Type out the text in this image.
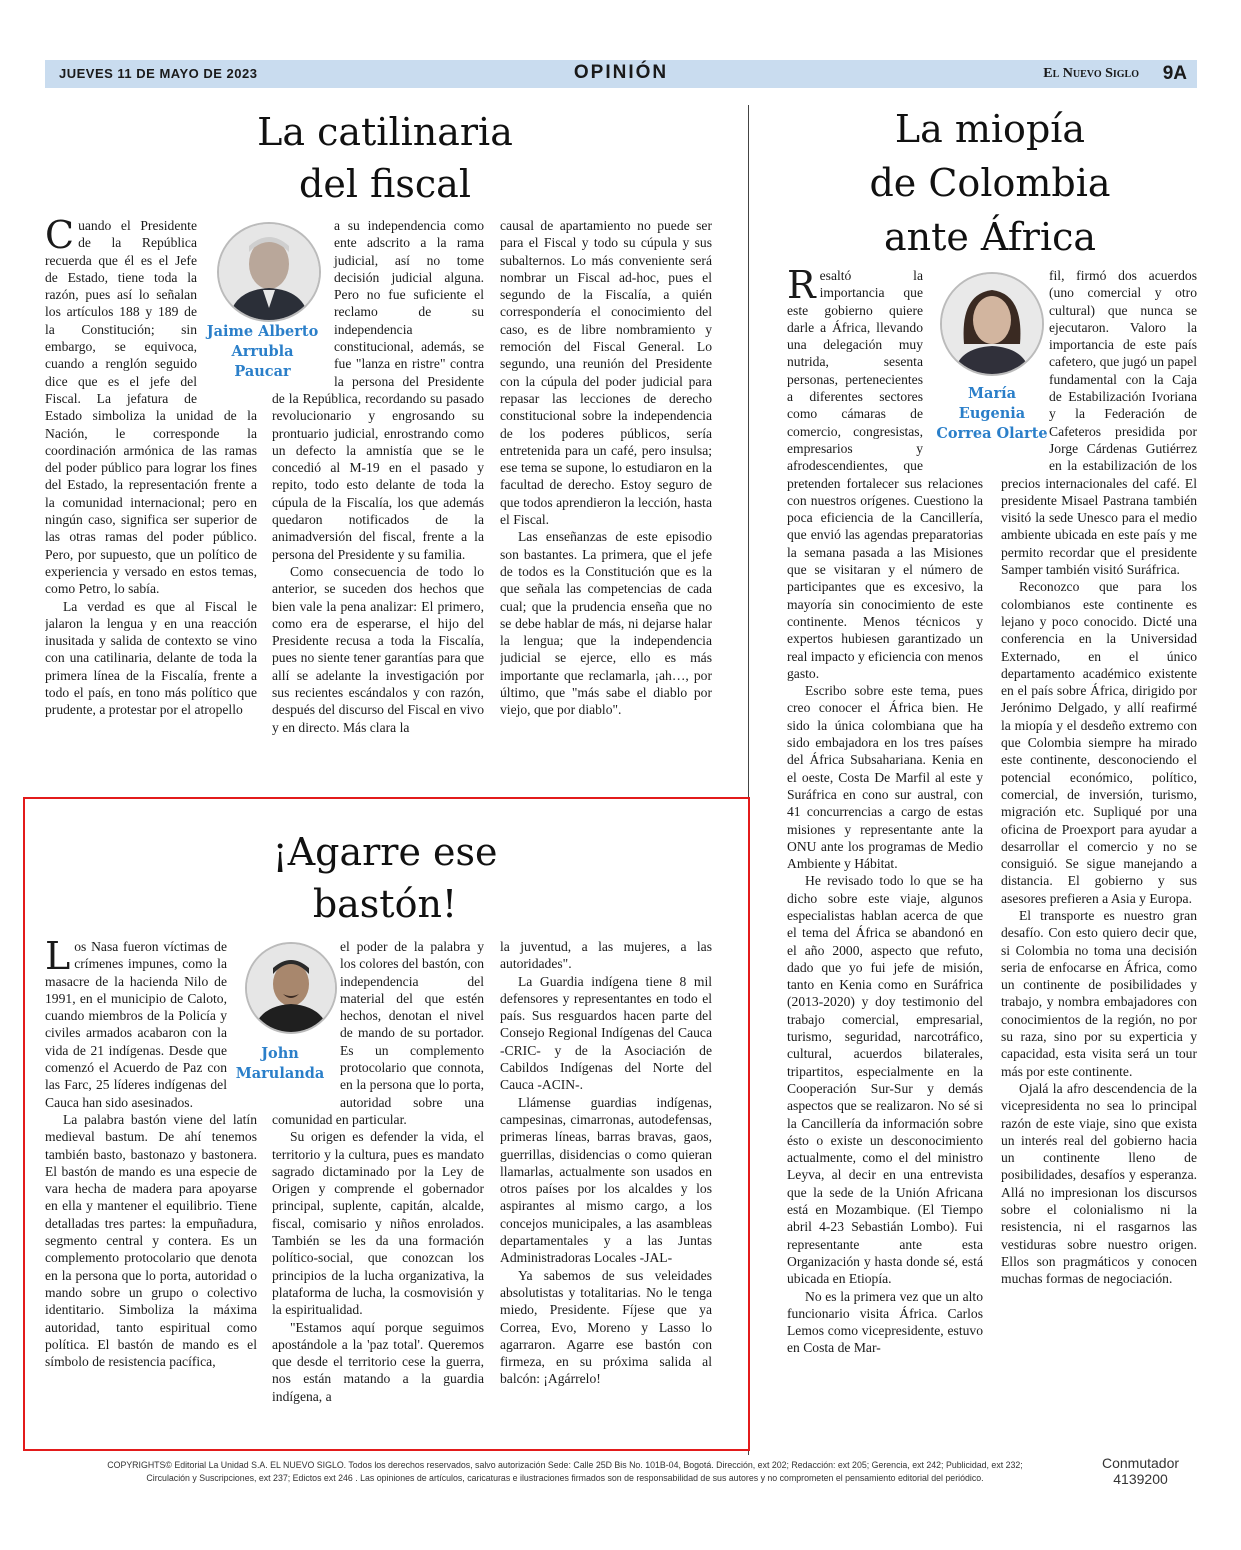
JUEVES 11 DE MAYO DE 2023	OPINIÓN	El Nuevo Siglo 9A
La catilinaria
del fiscal
Jaime Alberto
Arrubla
Paucar

Cuando el Presidente de la República recuerda que él es el Jefe de Estado, tiene toda la razón, pues así lo señalan los artículos 188 y 189 de la Constitución; sin embargo, se equivoca, cuando a renglón seguido dice que es el jefe del Fiscal. La jefatura de Estado simboliza la unidad de la Nación, le corresponde la coordinación armónica de las ramas del poder público para lograr los fines del Estado, la representación frente a la comunidad internacional; pero en ningún caso, significa ser superior de las otras ramas del poder público. Pero, por supuesto, que un político de experiencia y versado en estos temas, como Petro, lo sabía.

La verdad es que al Fiscal le jalaron la lengua y en una reacción inusitada y salida de contexto se vino con una catilinaria, delante de toda la primera línea de la Fiscalía, frente a todo el país, en tono más político que prudente, a protestar por el atropello

a su independencia como ente adscrito a la rama judicial, así no tome decisión judicial alguna. Pero no fue suficiente el reclamo de su independencia constitucional, además, se fue "lanza en ristre" contra la persona del Presidente de la República, recordando su pasado revolucionario y engrosando su prontuario judicial, enrostrando como un defecto la amnistía que se le concedió al M-19 en el pasado y repito, todo esto delante de toda la cúpula de la Fiscalía, los que además quedaron notificados de la animadversión del fiscal, frente a la persona del Presidente y su familia.

Como consecuencia de todo lo anterior, se suceden dos hechos que bien vale la pena analizar: El primero, como era de esperarse, el hijo del Presidente recusa a toda la Fiscalía, pues no siente tener garantías para que allí se adelante la investigación por sus recientes escándalos y con razón, después del discurso del Fiscal en vivo y en directo. Más clara la

causal de apartamiento no puede ser para el Fiscal y todo su cúpula y sus subalternos. Lo más conveniente será nombrar un Fiscal ad-hoc, pues el segundo de la Fiscalía, a quién correspondería el conocimiento del caso, es de libre nombramiento y remoción del Fiscal General. Lo segundo, una reunión del Presidente con la cúpula del poder judicial para repasar las lecciones de derecho constitucional sobre la independencia de los poderes públicos, sería entretenida para un café, pero insulsa; ese tema se supone, lo estudiaron en la facultad de derecho. Estoy seguro de que todos aprendieron la lección, hasta el Fiscal.

Las enseñanzas de este episodio son bastantes. La primera, que el jefe de todos es la Constitución que es la que señala las competencias de cada cual; que la prudencia enseña que no se debe hablar de más, ni dejarse halar la lengua; que la independencia judicial se ejerce, ello es más importante que reclamarla, ¡ah…, por último, que "más sabe el diablo por viejo, que por diablo".

¡Agarre ese
bastón!
John
Marulanda

Los Nasa fueron víctimas de crímenes impunes, como la masacre de la hacienda Nilo de 1991, en el municipio de Caloto, cuando miembros de la Policía y civiles armados acabaron con la vida de 21 indígenas. Desde que comenzó el Acuerdo de Paz con las Farc, 25 líderes indígenas del Cauca han sido asesinados.

La palabra bastón viene del latín medieval bastum. De ahí tenemos también basto, bastonazo y bastonera. El bastón de mando es una especie de vara hecha de madera para apoyarse en ella y mantener el equilibrio. Tiene detalladas tres partes: la empuñadura, segmento central y contera. Es un complemento protocolario que denota en la persona que lo porta, autoridad o mando sobre un grupo o colectivo identitario. Simboliza la máxima autoridad, tanto espiritual como política. El bastón de mando es el símbolo de resistencia pacífica,

el poder de la palabra y los colores del bastón, con independencia del material del que estén hechos, denotan el nivel de mando de su portador. Es un complemento protocolario que connota, en la persona que lo porta, autoridad sobre una comunidad en particular.

Su origen es defender la vida, el territorio y la cultura, pues es mandato sagrado dictaminado por la Ley de Origen y comprende el gobernador principal, suplente, capitán, alcalde, fiscal, comisario y niños enrolados. También se les da una formación político-social, que conozcan los principios de la lucha organizativa, la plataforma de lucha, la cosmovisión y la espiritualidad.

"Estamos aquí porque seguimos apostándole a la 'paz total'. Queremos que desde el territorio cese la guerra, nos están matando a la guardia indígena, a

la juventud, a las mujeres, a las autoridades".

La Guardia indígena tiene 8 mil defensores y representantes en todo el país. Sus resguardos hacen parte del Consejo Regional Indígenas del Cauca -CRIC- y de la Asociación de Cabildos Indígenas del Norte del Cauca -ACIN-.

Llámense guardias indígenas, campesinas, cimarronas, autodefensas, primeras líneas, barras bravas, gaos, guerrillas, disidencias o como quieran llamarlas, actualmente son usados en otros países por los alcaldes y los aspirantes al mismo cargo, a los concejos municipales, a las asambleas departamentales y a las Juntas Administradoras Locales -JAL-

Ya sabemos de sus veleidades absolutistas y totalitarias. No le tenga miedo, Presidente. Fíjese que ya Correa, Evo, Moreno y Lasso lo agarraron. Agarre ese bastón con firmeza, en su próxima salida al balcón: ¡Agárrelo!

La miopía
de Colombia
ante África
María
Eugenia
Correa Olarte

Resaltó la importancia que este gobierno quiere darle a África, llevando una delegación muy nutrida, sesenta personas, pertenecientes a diferentes sectores como cámaras de comercio, congresistas, empresarios y afrodescendientes, que pretenden fortalecer sus relaciones con nuestros orígenes. Cuestiono la poca eficiencia de la Cancillería, que envió las agendas preparatorias la semana pasada a las Misiones que se visitaran y el número de participantes que es excesivo, la mayoría sin conocimiento de este continente. Menos técnicos y expertos hubiesen garantizado un real impacto y eficiencia con menos gasto.

Escribo sobre este tema, pues creo conocer el África bien. He sido la única colombiana que ha sido embajadora en los tres países del África Subsahariana. Kenia en el oeste, Costa De Marfil al este y Suráfrica en cono sur austral, con 41 concurrencias a cargo de estas misiones y representante ante la ONU ante los programas de Medio Ambiente y Hábitat.

He revisado todo lo que se ha dicho sobre este viaje, algunos especialistas hablan acerca de que el tema del África se abandonó en el año 2000, aspecto que refuto, dado que yo fui jefe de misión, tanto en Kenia como en Suráfrica (2013-2020) y doy testimonio del trabajo comercial, empresarial, turismo, seguridad, narcotráfico, cultural, acuerdos bilaterales, tripartitos, especialmente en la Cooperación Sur-Sur y demás aspectos que se realizaron. No sé si la Cancillería da información sobre ésto o existe un desconocimiento actualmente, como el del ministro Leyva, al decir en una entrevista que la sede de la Unión Africana está en Mozambique. (El Tiempo abril 4-23 Sebastián Lombo). Fui representante ante esta Organización y hasta donde sé, está ubicada en Etiopía.

No es la primera vez que un alto funcionario visita África. Carlos Lemos como vicepresidente, estuvo en Costa de Mar-

fil, firmó dos acuerdos (uno comercial y otro cultural) que nunca se ejecutaron. Valoro la importancia de este país cafetero, que jugó un papel fundamental con la Caja de Estabilización Ivoriana y la Federación de Cafeteros presidida por Jorge Cárdenas Gutiérrez en la estabilización de los precios internacionales del café. El presidente Misael Pastrana también visitó la sede Unesco para el medio ambiente ubicada en este país y me permito recordar que el presidente Samper también visitó Suráfrica.

Reconozco que para los colombianos este continente es lejano y poco conocido. Dicté una conferencia en la Universidad Externado, en el único departamento académico existente en el país sobre África, dirigido por Jerónimo Delgado, y allí reafirmé la miopía y el desdeño extremo con que Colombia siempre ha mirado este continente, desconociendo el potencial económico, político, comercial, de inversión, turismo, migración etc. Supliqué por una oficina de Proexport para ayudar a desarrollar el comercio y no se consiguió. Se sigue manejando a distancia. El gobierno y sus asesores prefieren a Asia y Europa.

El transporte es nuestro gran desafío. Con esto quiero decir que, si Colombia no toma una decisión seria de enfocarse en África, como un continente de posibilidades y trabajo, y nombra embajadores con conocimientos de la región, no por su raza, sino por su experticia y capacidad, esta visita será un tour más por este continente.

Ojalá la afro descendencia de la vicepresidenta no sea lo principal razón de este viaje, sino que exista un interés real del gobierno hacia un continente lleno de posibilidades, desafíos y esperanza. Allá no impresionan los discursos sobre el colonialismo ni la resistencia, ni el rasgarnos las vestiduras sobre nuestro origen. Ellos son pragmáticos y conocen muchas formas de negociación.

COPYRIGHTS© Editorial La Unidad S.A. EL NUEVO SIGLO. Todos los derechos reservados, salvo autorización Sede: Calle 25D Bis No. 101B-04, Bogotá. Dirección, ext 202; Redacción: ext 205; Gerencia, ext 242; Publicidad, ext 232;
Circulación y Suscripciones, ext 237; Edictos ext 246 . Las opiniones de artículos, caricaturas e ilustraciones firmados son de responsabilidad de sus autores y no comprometen el pensamiento editorial del periódico.
Conmutador
4139200
